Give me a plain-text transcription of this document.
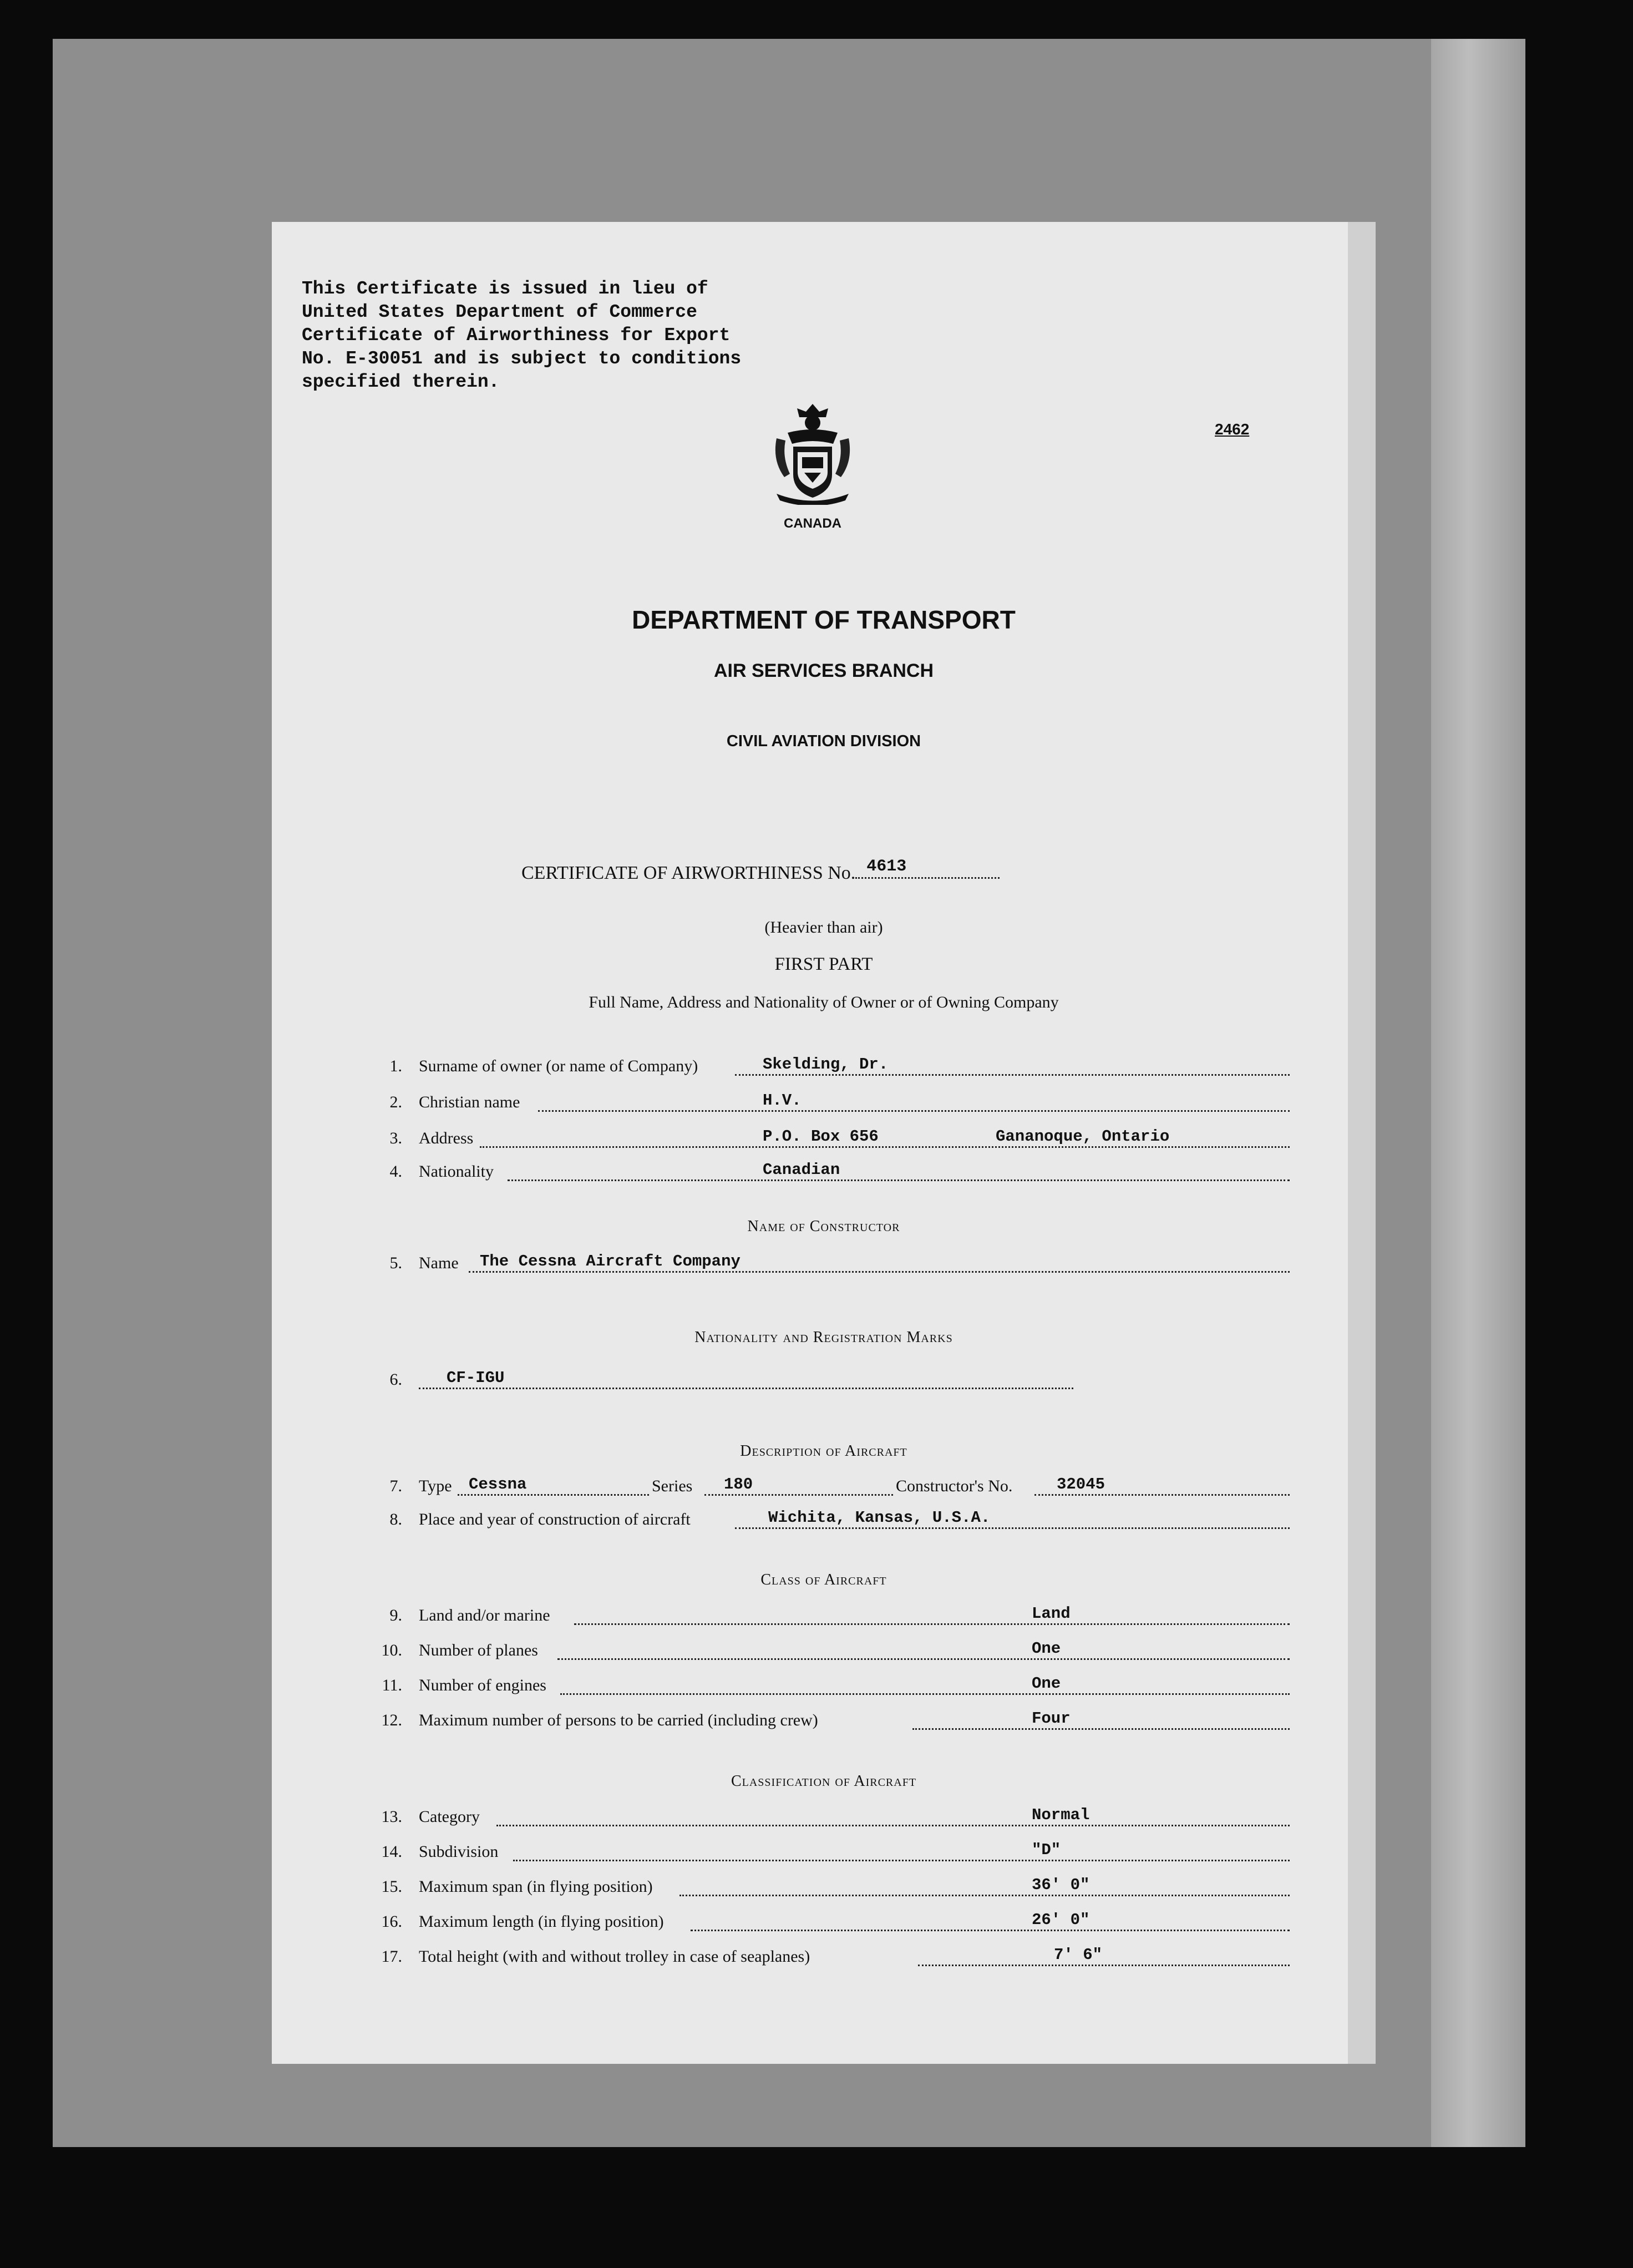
This Certificate is issued in lieu of
United States Department of Commerce
Certificate of Airworthiness for Export
No. E-30051 and is subject to conditions
specified therein.
2462
CANADA
DEPARTMENT OF TRANSPORT
AIR SERVICES BRANCH
CIVIL AVIATION DIVISION
CERTIFICATE OF AIRWORTHINESS No. 4613
(Heavier than air)
FIRST PART
Full Name, Address and Nationality of Owner or of Owning Company
1. Surname of owner (or name of Company)	Skelding, Dr.
2. Christian name	H.V.
3. Address	P.O. Box 656	Gananoque, Ontario
4. Nationality	Canadian
Name of Constructor
5. Name The Cessna Aircraft Company
Nationality and Registration Marks
6.	CF-IGU
Description of Aircraft
7. Type Cessna	Series 180	Constructor's No.	32045
8. Place and year of construction of aircraft	Wichita, Kansas, U.S.A.
Class of Aircraft
9. Land and/or marine	Land
10. Number of planes	One
11. Number of engines	One
12. Maximum number of persons to be carried (including crew)	Four
Classification of Aircraft
13. Category	Normal
14. Subdivision	"D"
15. Maximum span (in flying position)	36' 0"
16. Maximum length (in flying position)	26' 0"
17. Total height (with and without trolley in case of seaplanes)	7' 6"
